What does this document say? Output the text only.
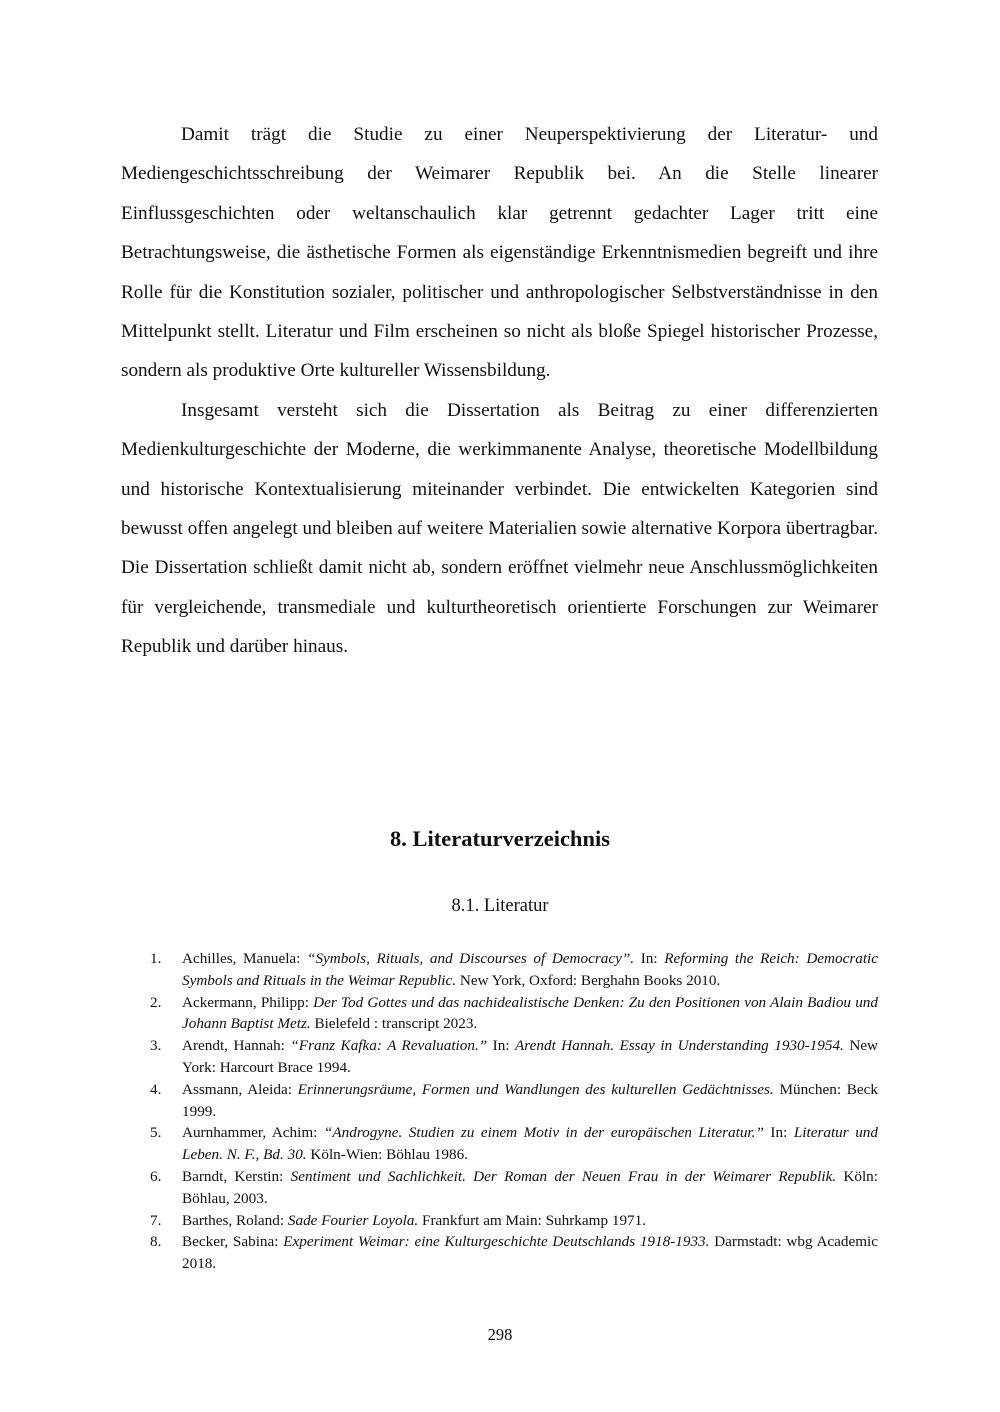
Damit trägt die Studie zu einer Neuperspektivierung der Literatur- und Mediengeschichtsschreibung der Weimarer Republik bei. An die Stelle linearer Einflussgeschichten oder weltanschaulich klar getrennt gedachter Lager tritt eine Betrachtungsweise, die ästhetische Formen als eigenständige Erkenntnismedien begreift und ihre Rolle für die Konstitution sozialer, politischer und anthropologischer Selbstverständnisse in den Mittelpunkt stellt. Literatur und Film erscheinen so nicht als bloße Spiegel historischer Prozesse, sondern als produktive Orte kultureller Wissensbildung.

Insgesamt versteht sich die Dissertation als Beitrag zu einer differenzierten Medienkulturgeschichte der Moderne, die werkimmanente Analyse, theoretische Modellbildung und historische Kontextualisierung miteinander verbindet. Die entwickelten Kategorien sind bewusst offen angelegt und bleiben auf weitere Materialien sowie alternative Korpora übertragbar. Die Dissertation schließt damit nicht ab, sondern eröffnet vielmehr neue Anschlussmöglichkeiten für vergleichende, transmediale und kulturtheoretisch orientierte Forschungen zur Weimarer Republik und darüber hinaus.

8. Literaturverzeichnis
8.1. Literatur
1. Achilles, Manuela: “Symbols, Rituals, and Discourses of Democracy”. In: Reforming the Reich: Democratic Symbols and Rituals in the Weimar Republic. New York, Oxford: Berghahn Books 2010.
2. Ackermann, Philipp: Der Tod Gottes und das nachidealistische Denken: Zu den Positionen von Alain Badiou und Johann Baptist Metz. Bielefeld : transcript 2023.
3. Arendt, Hannah: “Franz Kafka: A Revaluation.” In: Arendt Hannah. Essay in Understanding 1930-1954. New York: Harcourt Brace 1994.
4. Assmann, Aleida: Erinnerungsräume, Formen und Wandlungen des kulturellen Gedächtnisses. München: Beck 1999.
5. Aurnhammer, Achim: “Androgyne. Studien zu einem Motiv in der europäischen Literatur.” In: Literatur und Leben. N. F., Bd. 30. Köln-Wien: Böhlau 1986.
6. Barndt, Kerstin: Sentiment und Sachlichkeit. Der Roman der Neuen Frau in der Weimarer Republik. Köln: Böhlau, 2003.
7. Barthes, Roland: Sade Fourier Loyola. Frankfurt am Main: Suhrkamp 1971.
8. Becker, Sabina: Experiment Weimar: eine Kulturgeschichte Deutschlands 1918-1933. Darmstadt: wbg Academic 2018.

298
